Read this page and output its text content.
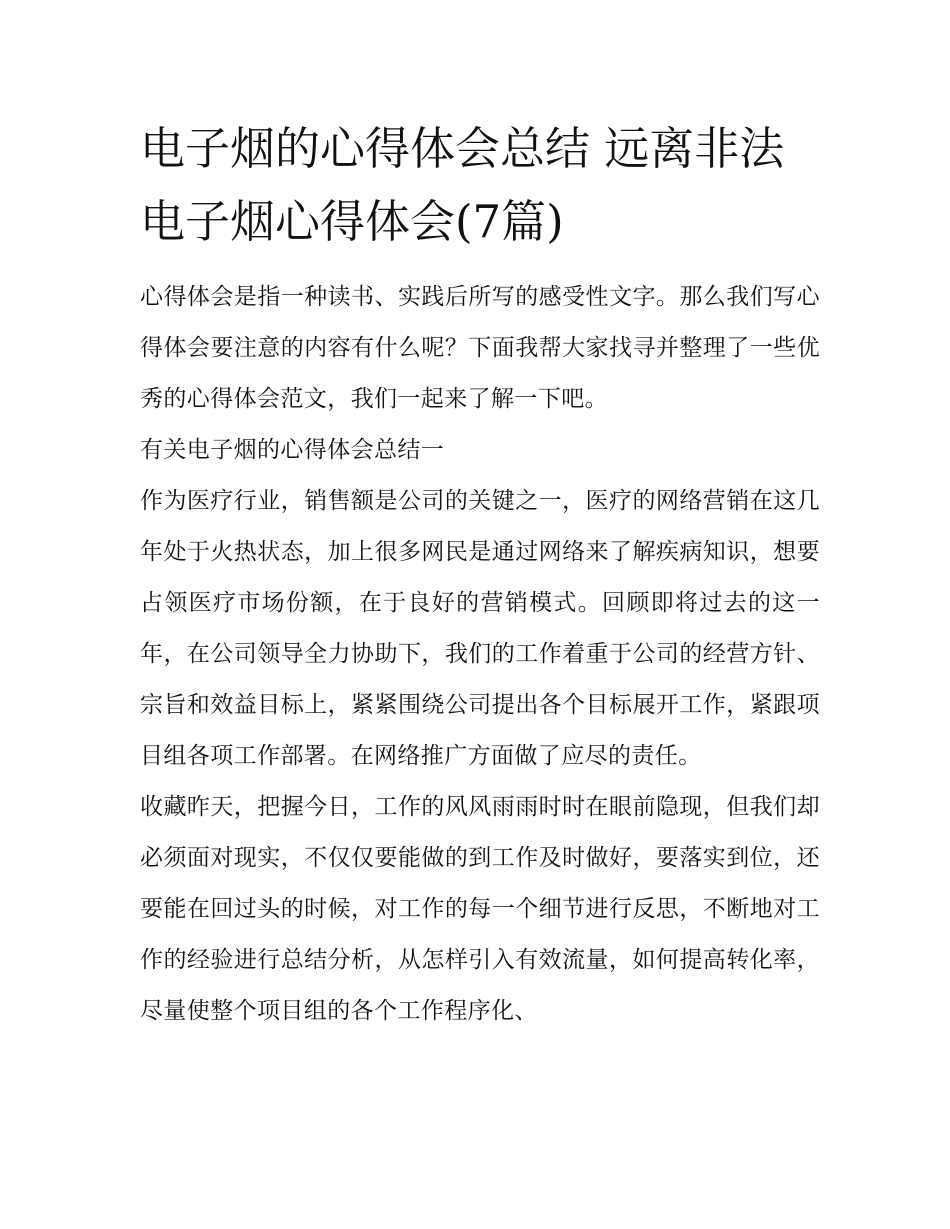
电子烟的心得体会总结 远离非法电子烟心得体会(7篇)

心得体会是指一种读书、实践后所写的感受性文字。那么我们写心得体会要注意的内容有什么呢？下面我帮大家找寻并整理了一些优秀的心得体会范文，我们一起来了解一下吧。

有关电子烟的心得体会总结一

作为医疗行业，销售额是公司的关键之一，医疗的网络营销在这几年处于火热状态，加上很多网民是通过网络来了解疾病知识，想要占领医疗市场份额，在于良好的营销模式。回顾即将过去的这一年，在公司领导全力协助下，我们的工作着重于公司的经营方针、宗旨和效益目标上，紧紧围绕公司提出各个目标展开工作，紧跟项目组各项工作部署。在网络推广方面做了应尽的责任。

收藏昨天，把握今日，工作的风风雨雨时时在眼前隐现，但我们却必须面对现实，不仅仅要能做的到工作及时做好，要落实到位，还要能在回过头的时候，对工作的每一个细节进行反思，不断地对工作的经验进行总结分析，从怎样引入有效流量，如何提高转化率，尽量使整个项目组的各个工作程序化、
